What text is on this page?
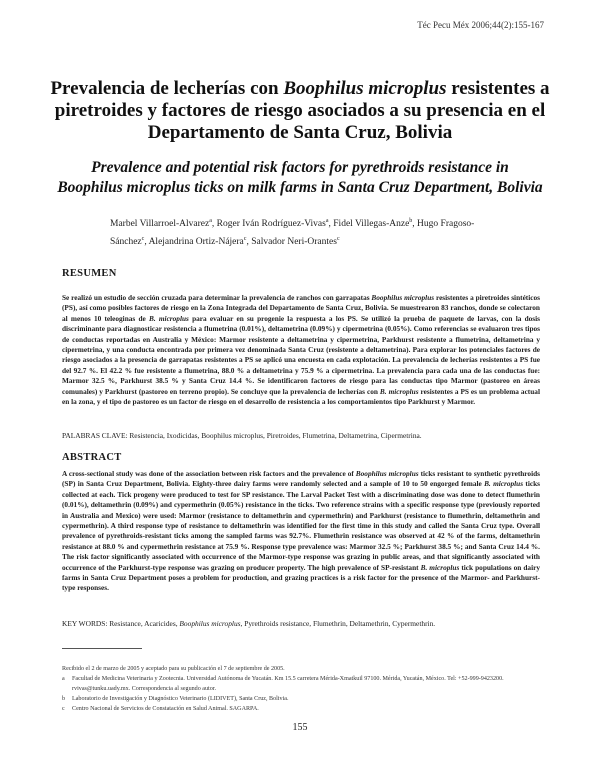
Téc Pecu Méx 2006;44(2):155-167
Prevalencia de lecherías con Boophilus microplus resistentes a piretroides y factores de riesgo asociados a su presencia en el Departamento de Santa Cruz, Bolivia
Prevalence and potential risk factors for pyrethroids resistance in
Boophilus microplus ticks on milk farms in Santa Cruz Department, Bolivia
Marbel Villarroel-Alvarez$^a$, Roger Iván Rodríguez-Vivas$^a$, Fidel Villegas-Anze$^b$, Hugo Fragoso-Sánchez$^c$, Alejandrina Ortiz-Nájera$^c$, Salvador Neri-Orantes$^c$
RESUMEN
Se realizó un estudio de sección cruzada para determinar la prevalencia de ranchos con garrapatas Boophilus microplus resistentes a piretroides sintéticos (PS), así como posibles factores de riesgo en la Zona Integrada del Departamento de Santa Cruz, Bolivia. Se muestrearon 83 ranchos, donde se colectaron al menos 10 teleoginas de B. microplus para evaluar en su progenie la respuesta a los PS. Se utilizó la prueba de paquete de larvas, con la dosis discriminante para diagnosticar resistencia a flumetrina (0.01%), deltametrina (0.09%) y cipermetrina (0.05%). Como referencias se evaluaron tres tipos de conductas reportadas en Australia y México: Marmor resistente a deltametrina y cipermetrina, Parkhurst resistente a flumetrina, deltametrina y cipermetrina, y una conducta encontrada por primera vez denominada Santa Cruz (resistente a deltametrina). Para explorar los potenciales factores de riesgo asociados a la presencia de garrapatas resistentes a PS se aplicó una encuesta en cada explotación. La prevalencia de lecherías resistentes a PS fue del 92.7 %. El 42.2 % fue resistente a flumetrina, 88.0 % a deltametrina y 75.9 % a cipermetrina. La prevalencia para cada una de las conductas fue: Marmor 32.5 %, Parkhurst 38.5 % y Santa Cruz 14.4 %. Se identificaron factores de riesgo para las conductas tipo Marmor (pastoreo en áreas comunales) y Parkhurst (pastoreo en terreno propio). Se concluye que la prevalencia de lecherías con B. microplus resistentes a PS es un problema actual en la zona, y el tipo de pastoreo es un factor de riesgo en el desarrollo de resistencia a los comportamientos tipo Parkhurst y Marmor.
PALABRAS CLAVE: Resistencia, Ixodicidas, Boophilus microplus, Piretroides, Flumetrina, Deltametrina, Cipermetrina.
ABSTRACT
A cross-sectional study was done of the association between risk factors and the prevalence of Boophilus microplus ticks resistant to synthetic pyrethroids (SP) in Santa Cruz Department, Bolivia. Eighty-three dairy farms were randomly selected and a sample of 10 to 50 engorged female B. microplus ticks collected at each. Tick progeny were produced to test for SP resistance. The Larval Packet Test with a discriminating dose was done to detect flumethrin (0.01%), deltamethrin (0.09%) and cypermethrin (0.05%) resistance in the ticks. Two reference strains with a specific response type (previously reported in Australia and Mexico) were used: Marmor (resistance to deltamethrin and cypermethrin) and Parkhurst (resistance to flumethrin, deltamethrin and cypermethrin). A third response type of resistance to deltamethrin was identified for the first time in this study and called the Santa Cruz type. Overall prevalence of pyrethroids-resistant ticks among the sampled farms was 92.7%. Flumethrin resistance was observed at 42 % of the farms, deltamethrin resistance at 88.0 % and cypermethrin resistance at 75.9 %. Response type prevalence was: Marmor 32.5 %; Parkhurst 38.5 %; and Santa Cruz 14.4 %. The risk factor significantly associated with occurrence of the Marmor-type response was grazing in public areas, and that significantly associated with occurrence of the Parkhurst-type response was grazing on producer property. The high prevalence of SP-resistant B. microplus tick populations on dairy farms in Santa Cruz Department poses a problem for production, and grazing practices is a risk factor for the presence of the Marmor- and Parkhurst-type responses.
KEY WORDS: Resistance, Acaricides, Boophilus microplus, Pyrethroids resistance, Flumethrin, Deltamethrin, Cypermethrin.
Recibido el 2 de marzo de 2005 y aceptado para su publicación el 7 de septiembre de 2005.
a Facultad de Medicina Veterinaria y Zootecnia. Universidad Autónoma de Yucatán. Km 15.5 carretera Mérida-Xmatkuil 97100. Mérida, Yucatán, México. Tel: +52-999-9423200. rvivas@tunku.uady.mx. Correspondencia al segundo autor.
b Laboratorio de Investigación y Diagnóstico Veterinario (LIDIVET), Santa Cruz, Bolivia.
c Centro Nacional de Servicios de Constatación en Salud Animal. SAGARPA.
155
